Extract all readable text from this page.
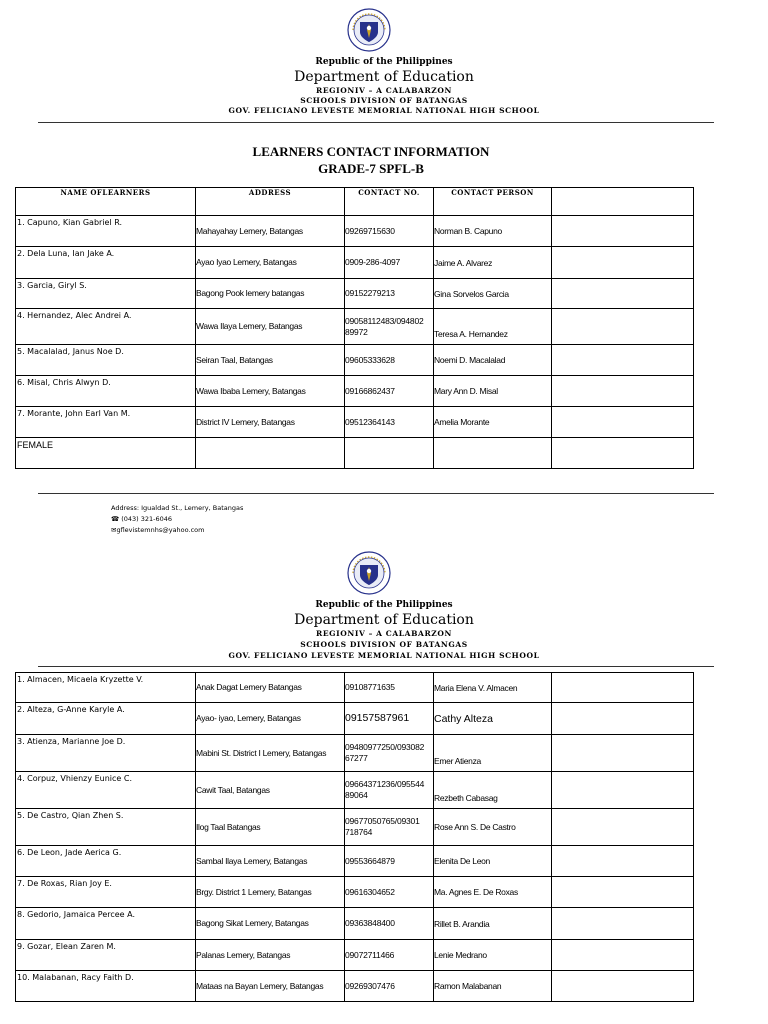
Republic of the Philippines
Department of Education
REGIONIV – A CALABARZON
SCHOOLS DIVISION OF BATANGAS
GOV. FELICIANO LEVESTE MEMORIAL NATIONAL HIGH SCHOOL
LEARNERS CONTACT INFORMATION
GRADE-7 SPFL-B
NAME OFLEARNERS	ADDRESS	CONTACT NO.	CONTACT PERSON	
1. Capuno, Kian Gabriel R.	Mahayahay Lemery, Batangas	09269715630	Norman B. Capuno	
2. Dela Luna, Ian Jake A.	Ayao Iyao Lemery, Batangas	0909-286-4097	Jaime A. Alvarez	
3. Garcia, Giryl S.	Bagong Pook lemery batangas	09152279213	Gina Sorvelos Garcia	
4. Hernandez, Alec Andrei A.	Wawa Ilaya Lemery, Batangas	09058112483/094802 89972	Teresa A. Hernandez	
5. Macalalad, Janus Noe D.	Seiran Taal, Batangas	09605333628	Noemi D. Macalalad	
6. Misal, Chris Alwyn D.	Wawa Ibaba Lemery, Batangas	09166862437	Mary Ann D. Misal	
7. Morante, John Earl Van M.	District IV Lemery, Batangas	09512364143	Amelia Morante	
FEMALE				
Address: Igualdad St., Lemery, Batangas
☎ (043) 321-6046
✉gflevistemnhs@yahoo.com
Republic of the Philippines
Department of Education
REGIONIV – A CALABARZON
SCHOOLS DIVISION OF BATANGAS
GOV. FELICIANO LEVESTE MEMORIAL NATIONAL HIGH SCHOOL
1. Almacen, Micaela Kryzette V.	Anak Dagat Lemery Batangas	09108771635	Maria Elena V. Almacen	
2. Alteza, G-Anne Karyle A.	Ayao- iyao, Lemery, Batangas	09157587961	Cathy Alteza	
3. Atienza, Marianne Joe D.	Mabini St. District I Lemery, Batangas	09480977250/093082 67277	Emer Atienza	
4. Corpuz, Vhienzy Eunice C.	Cawit Taal, Batangas	09664371236/095544 89064	Rezbeth Cabasag	
5. De Castro, Qian Zhen S.	Ilog Taal Batangas	09677050765/09301 718764	Rose Ann S. De Castro	
6. De Leon, Jade Aerica G.	Sambal Ilaya Lemery, Batangas	09553664879	Elenita De Leon	
7. De Roxas, Rian Joy E.	Brgy. District 1 Lemery, Batangas	09616304652	Ma. Agnes E. De Roxas	
8. Gedorio, Jamaica Percee A.	Bagong Sikat Lemery, Batangas	09363848400	Rillet B. Arandia	
9. Gozar, Elean Zaren M.	Palanas Lemery, Batangas	09072711466	Lenie Medrano	
10. Malabanan, Racy Faith D.	Mataas na Bayan Lemery, Batangas	09269307476	Ramon Malabanan	
